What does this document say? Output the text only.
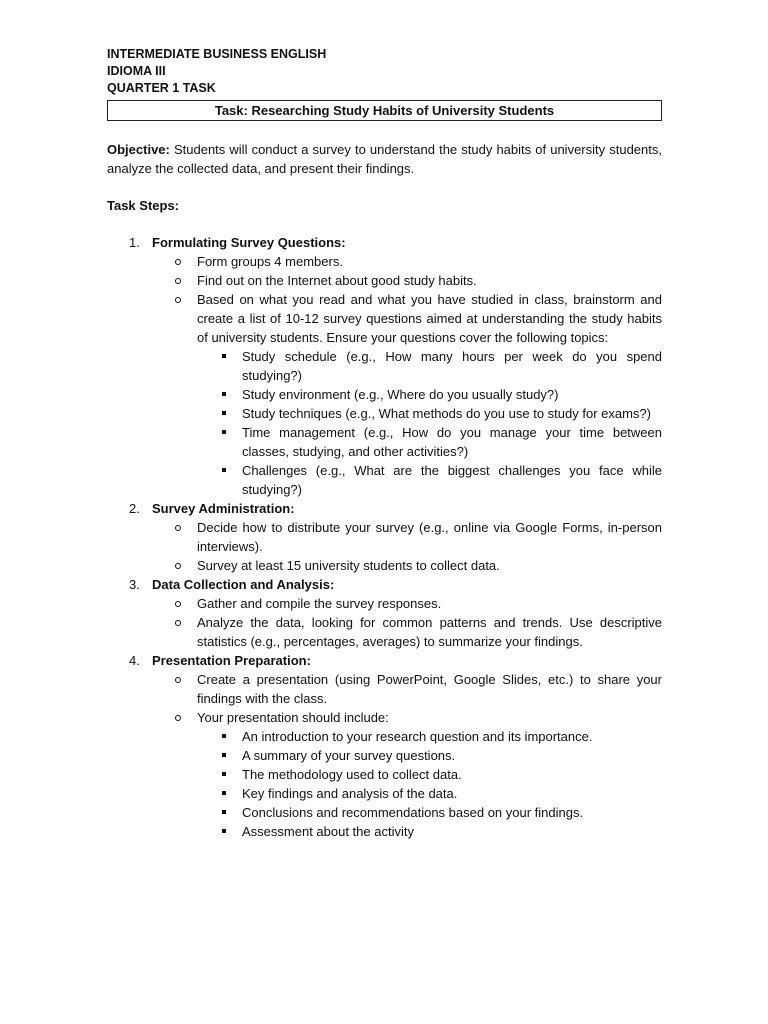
INTERMEDIATE BUSINESS ENGLISH
IDIOMA III
QUARTER 1 TASK
Task: Researching Study Habits of University Students
Objective: Students will conduct a survey to understand the study habits of university students, analyze the collected data, and present their findings.
Task Steps:
1. Formulating Survey Questions:
Form groups 4 members.
Find out on the Internet about good study habits.
Based on what you read and what you have studied in class, brainstorm and create a list of 10-12 survey questions aimed at understanding the study habits of university students. Ensure your questions cover the following topics:
Study schedule (e.g., How many hours per week do you spend studying?)
Study environment (e.g., Where do you usually study?)
Study techniques (e.g., What methods do you use to study for exams?)
Time management (e.g., How do you manage your time between classes, studying, and other activities?)
Challenges (e.g., What are the biggest challenges you face while studying?)
2. Survey Administration:
Decide how to distribute your survey (e.g., online via Google Forms, in-person interviews).
Survey at least 15 university students to collect data.
3. Data Collection and Analysis:
Gather and compile the survey responses.
Analyze the data, looking for common patterns and trends. Use descriptive statistics (e.g., percentages, averages) to summarize your findings.
4. Presentation Preparation:
Create a presentation (using PowerPoint, Google Slides, etc.) to share your findings with the class.
Your presentation should include:
An introduction to your research question and its importance.
A summary of your survey questions.
The methodology used to collect data.
Key findings and analysis of the data.
Conclusions and recommendations based on your findings.
Assessment about the activity
